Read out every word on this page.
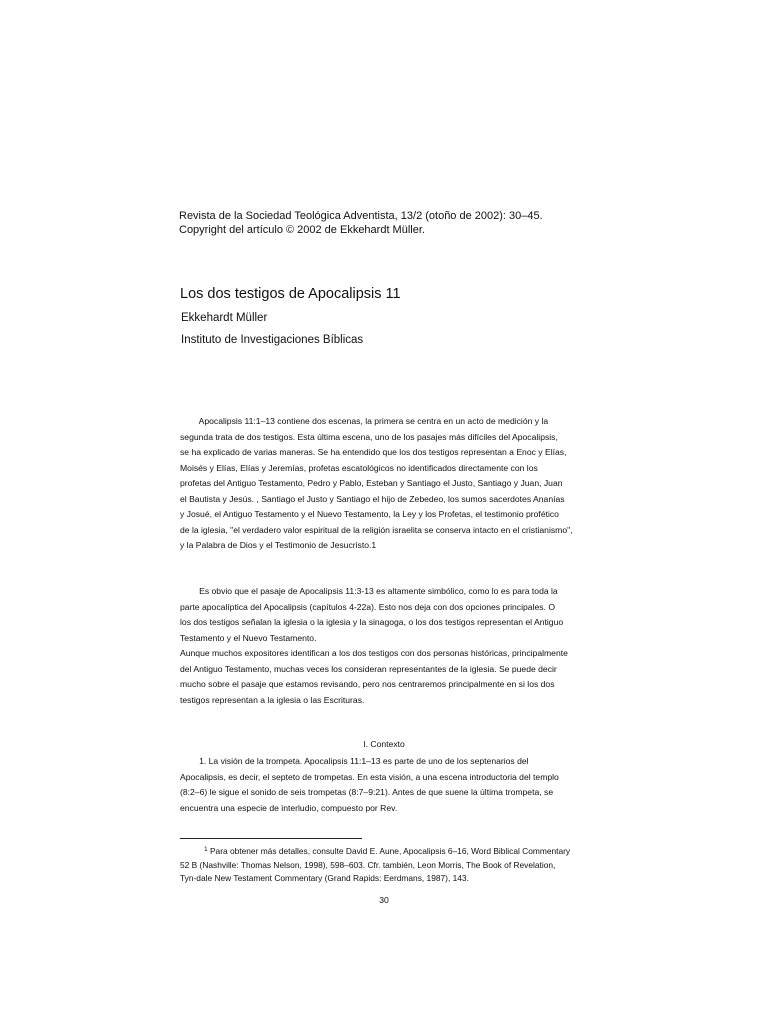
Revista de la Sociedad Teológica Adventista, 13/2 (otoño de 2002): 30–45.
Copyright del artículo © 2002 de Ekkehardt Müller.
Los dos testigos de Apocalipsis 11
Ekkehardt Müller
Instituto de Investigaciones Bíblicas
Apocalipsis 11:1–13 contiene dos escenas, la primera se centra en un acto de medición y la
segunda trata de dos testigos. Esta última escena, uno de los pasajes más difíciles del Apocalipsis,
se ha explicado de varias maneras. Se ha entendido que los dos testigos representan a Enoc y Elías,
Moisés y Elías, Elías y Jeremías, profetas escatológicos no identificados directamente con los
profetas del Antiguo Testamento, Pedro y Pablo, Esteban y Santiago el Justo, Santiago y Juan, Juan
el Bautista y Jesús. , Santiago el Justo y Santiago el hijo de Zebedeo, los sumos sacerdotes Ananías
y Josué, el Antiguo Testamento y el Nuevo Testamento, la Ley y los Profetas, el testimonio profético
de la iglesia, "el verdadero valor espiritual de la religión israelita se conserva intacto en el cristianismo",
y la Palabra de Dios y el Testimonio de Jesucristo.1
Es obvio que el pasaje de Apocalipsis 11:3-13 es altamente simbólico, como lo es para toda la
parte apocalíptica del Apocalipsis (capítulos 4-22a). Esto nos deja con dos opciones principales. O
los dos testigos señalan la iglesia o la iglesia y la sinagoga, o los dos testigos representan el Antiguo
Testamento y el Nuevo Testamento.
Aunque muchos expositores identifican a los dos testigos con dos personas históricas, principalmente
del Antiguo Testamento, muchas veces los consideran representantes de la iglesia. Se puede decir
mucho sobre el pasaje que estamos revisando, pero nos centraremos principalmente en si los dos
testigos representan a la iglesia o las Escrituras.
I. Contexto
1. La visión de la trompeta. Apocalipsis 11:1–13 es parte de uno de los septenarios del
Apocalipsis, es decir, el septeto de trompetas. En esta visión, a una escena introductoria del templo
(8:2–6) le sigue el sonido de seis trompetas (8:7–9:21). Antes de que suene la última trompeta, se
encuentra una especie de interludio, compuesto por Rev.
$^1$ Para obtener más detalles, consulte David E. Aune, Apocalipsis 6–16, Word Biblical Commentary
52 B (Nashville: Thomas Nelson, 1998), 598–603. Cfr. también, Leon Morris, The Book of Revelation,
Tyn-dale New Testament Commentary (Grand Rapids: Eerdmans, 1987), 143.
30
